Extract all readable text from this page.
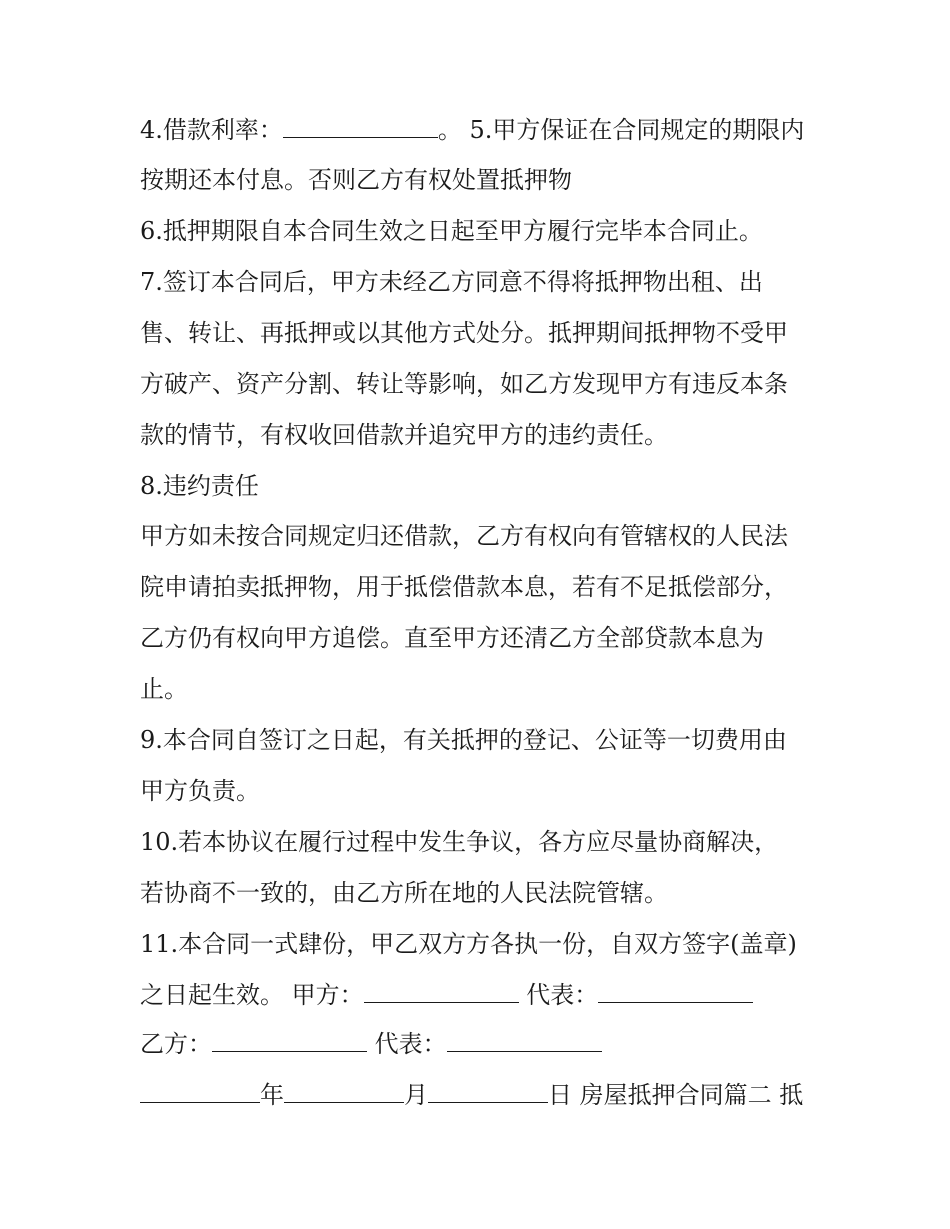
4.借款利率：	。 5.甲方保证在合同规定的期限内
按期还本付息。否则乙方有权处置抵押物
6.抵押期限自本合同生效之日起至甲方履行完毕本合同止。
7.签订本合同后，甲方未经乙方同意不得将抵押物出租、出
售、转让、再抵押或以其他方式处分。抵押期间抵押物不受甲
方破产、资产分割、转让等影响，如乙方发现甲方有违反本条
款的情节，有权收回借款并追究甲方的违约责任。
8.违约责任
甲方如未按合同规定归还借款，乙方有权向有管辖权的人民法
院申请拍卖抵押物，用于抵偿借款本息，若有不足抵偿部分，
乙方仍有权向甲方追偿。直至甲方还清乙方全部贷款本息为
止。
9.本合同自签订之日起，有关抵押的登记、公证等一切费用由
甲方负责。
10.若本协议在履行过程中发生争议，各方应尽量协商解决，
若协商不一致的，由乙方所在地的人民法院管辖。
11.本合同一式肆份，甲乙双方方各执一份，自双方签字(盖章)
之日起生效。 甲方：	代表：
乙方：	代表：
年	月	日 房屋抵押合同篇二 抵
